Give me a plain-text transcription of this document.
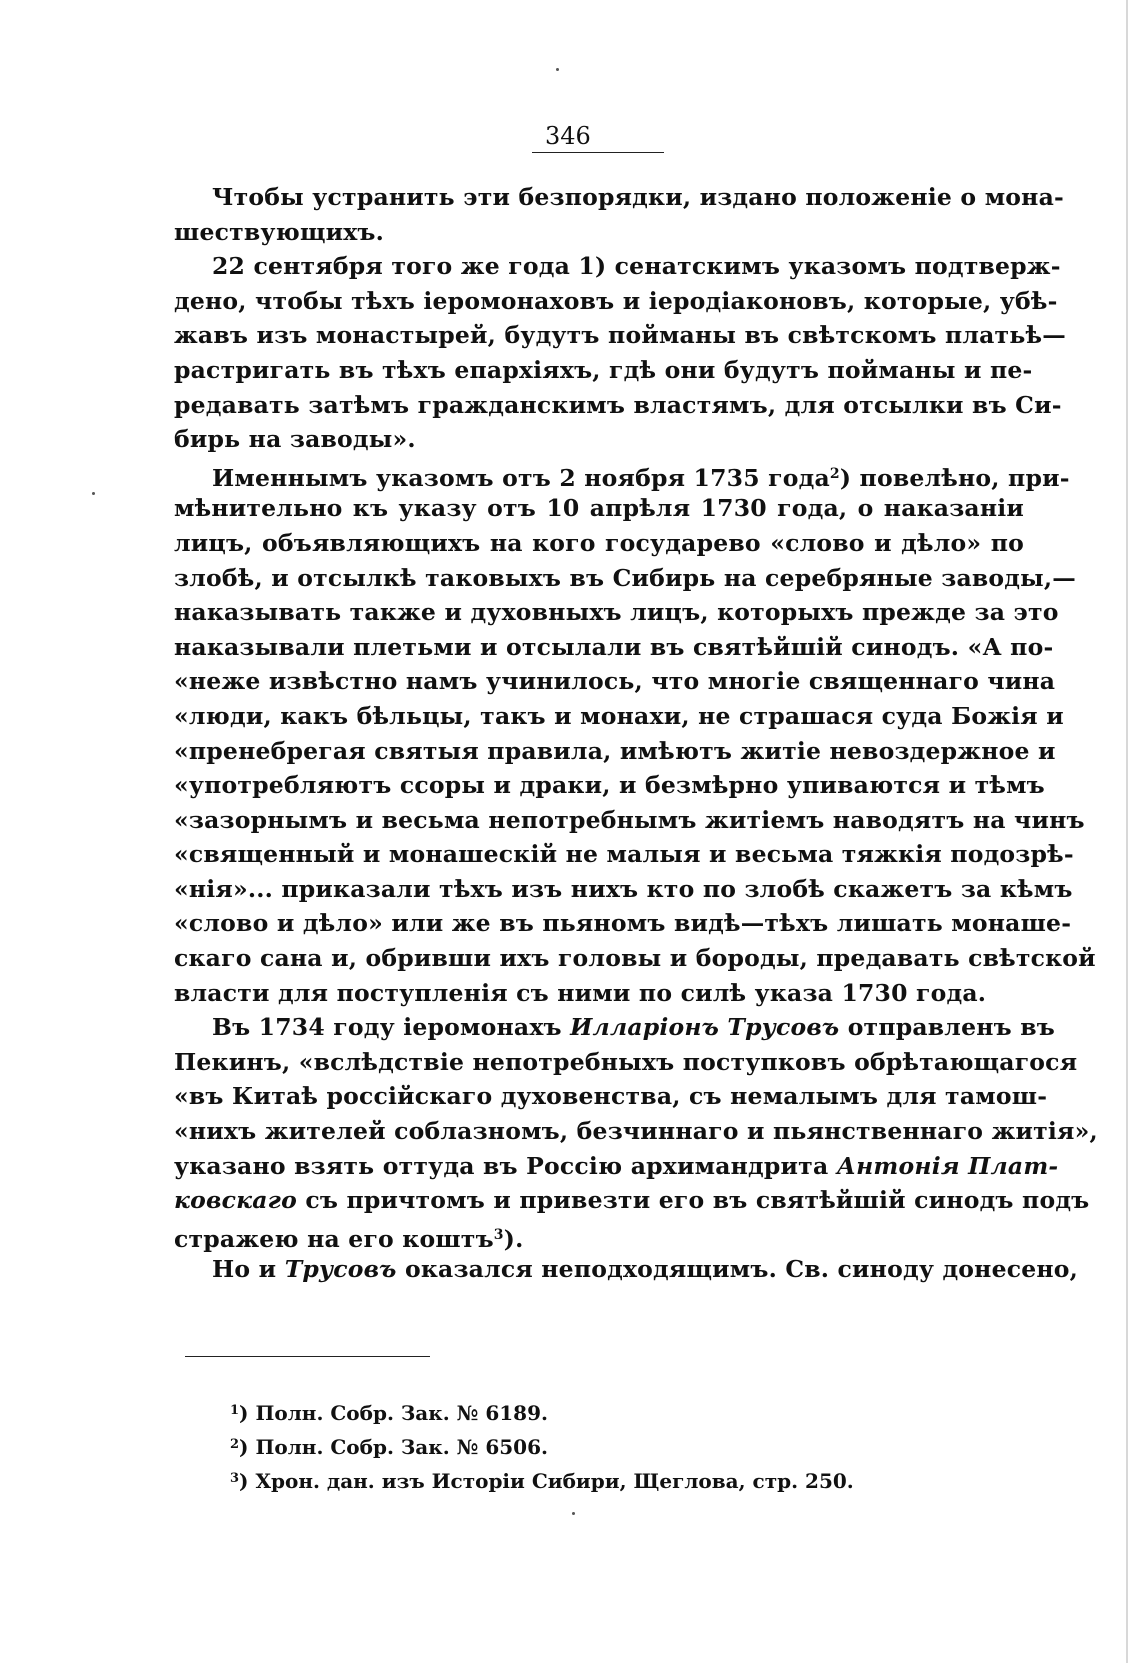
346
Чтобы устранить эти безпорядки, издано положеніе о мона-
шествующихъ.
22 сентября того же года 1) сенатскимъ указомъ подтверж-
дено, чтобы тѣхъ іеромонаховъ и іеродіаконовъ, которые, убѣ-
жавъ изъ монастырей, будутъ пойманы въ свѣтскомъ платьѣ—
растригать въ тѣхъ епархіяхъ, гдѣ они будутъ пойманы и пе-
редавать затѣмъ гражданскимъ властямъ, для отсылки въ Си-
бирь на заводы».
Именнымъ указомъ отъ 2 ноября 1735 года$^2$) повелѣно, при-
мѣнительно къ указу отъ 10 апрѣля 1730 года, о наказаніи
лицъ, объявляющихъ на кого государево «слово и дѣло» по
злобѣ, и отсылкѣ таковыхъ въ Сибирь на серебряные заводы,—
наказывать также и духовныхъ лицъ, которыхъ прежде за это
наказывали плетьми и отсылали въ святѣйшій синодъ. «А по-
«неже извѣстно намъ учинилось, что многіе священнаго чина
«люди, какъ бѣльцы, такъ и монахи, не страшася суда Божія и
«пренебрегая святыя правила, имѣютъ житіе невоздержное и
«употребляютъ ссоры и драки, и безмѣрно упиваются и тѣмъ
«зазорнымъ и весьма непотребнымъ житіемъ наводятъ на чинъ
«священный и монашескій не малыя и весьма тяжкія подозрѣ-
«нія»... приказали тѣхъ изъ нихъ кто по злобѣ скажетъ за кѣмъ
«слово и дѣло» или же въ пьяномъ видѣ—тѣхъ лишать монаше-
скаго сана и, обривши ихъ головы и бороды, предавать свѣтской
власти для поступленія съ ними по силѣ указа 1730 года.
Въ 1734 году іеромонахъ Илларіонъ Трусовъ отправленъ въ
Пекинъ, «вслѣдствіе непотребныхъ поступковъ обрѣтающагося
«въ Китаѣ россійскаго духовенства, съ немалымъ для тамош-
«нихъ жителей соблазномъ, безчиннаго и пьянственнаго житія»,
указано взять оттуда въ Россію архимандрита Антонія Плат-
ковскаго съ причтомъ и привезти его въ святѣйшій синодъ подъ
стражею на его коштъ$^3$).
Но и Трусовъ оказался неподходящимъ. Св. синоду донесено,
$^1$) Полн. Собр. Зак. № 6189.
$^2$) Полн. Собр. Зак. № 6506.
$^3$) Хрон. дан. изъ Исторіи Сибири, Щеглова, стр. 250.
